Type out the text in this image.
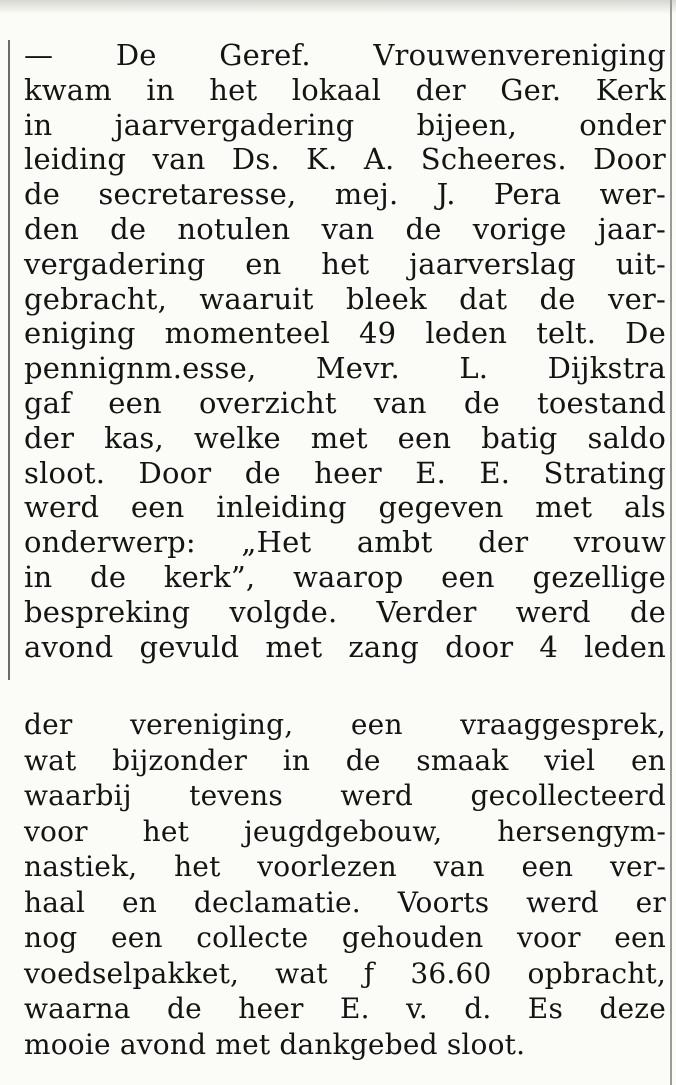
— De Geref. Vrouwenvereniging
kwam in het lokaal der Ger. Kerk
in jaarvergadering bijeen, onder
leiding van Ds. K. A. Scheeres. Door
de secretaresse, mej. J. Pera wer-
den de notulen van de vorige jaar-
vergadering en het jaarverslag uit-
gebracht, waaruit bleek dat de ver-
eniging momenteel 49 leden telt. De
pennignm.esse, Mevr. L. Dijkstra
gaf een overzicht van de toestand
der kas, welke met een batig saldo
sloot. Door de heer E. E. Strating
werd een inleiding gegeven met als
onderwerp: „Het ambt der vrouw
in de kerk”, waarop een gezellige
bespreking volgde. Verder werd de
avond gevuld met zang door 4 leden
der vereniging, een vraaggesprek,
wat bijzonder in de smaak viel en
waarbij tevens werd gecollecteerd
voor het jeugdgebouw, hersengym-
nastiek, het voorlezen van een ver-
haal en declamatie. Voorts werd er
nog een collecte gehouden voor een
voedselpakket, wat ƒ 36.60 opbracht,
waarna de heer E. v. d. Es deze
mooie avond met dankgebed sloot.
